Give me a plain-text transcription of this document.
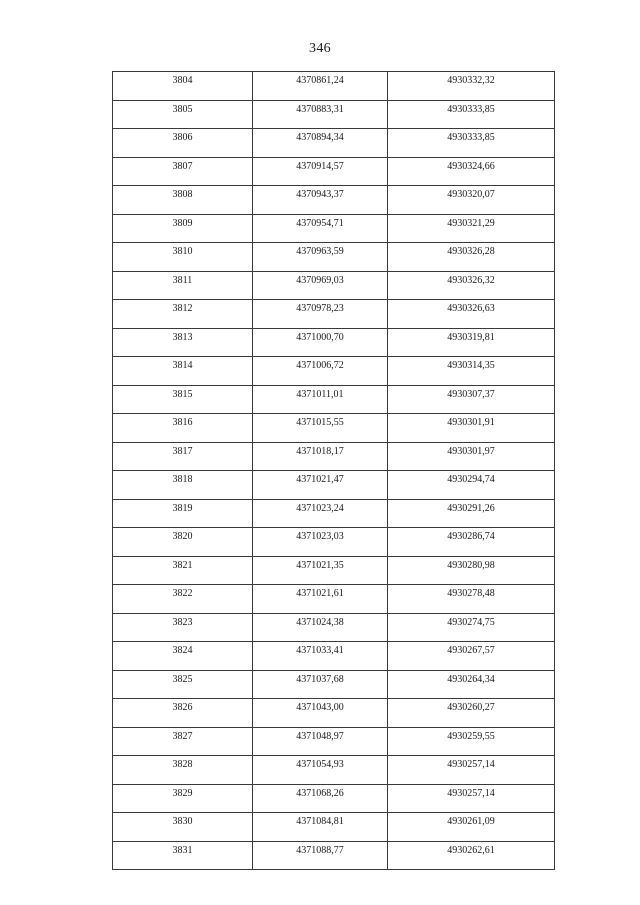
346
3804	4370861,24	4930332,32
3805	4370883,31	4930333,85
3806	4370894,34	4930333,85
3807	4370914,57	4930324,66
3808	4370943,37	4930320,07
3809	4370954,71	4930321,29
3810	4370963,59	4930326,28
3811	4370969,03	4930326,32
3812	4370978,23	4930326,63
3813	4371000,70	4930319,81
3814	4371006,72	4930314,35
3815	4371011,01	4930307,37
3816	4371015,55	4930301,91
3817	4371018,17	4930301,97
3818	4371021,47	4930294,74
3819	4371023,24	4930291,26
3820	4371023,03	4930286,74
3821	4371021,35	4930280,98
3822	4371021,61	4930278,48
3823	4371024,38	4930274,75
3824	4371033,41	4930267,57
3825	4371037,68	4930264,34
3826	4371043,00	4930260,27
3827	4371048,97	4930259,55
3828	4371054,93	4930257,14
3829	4371068,26	4930257,14
3830	4371084,81	4930261,09
3831	4371088,77	4930262,61
